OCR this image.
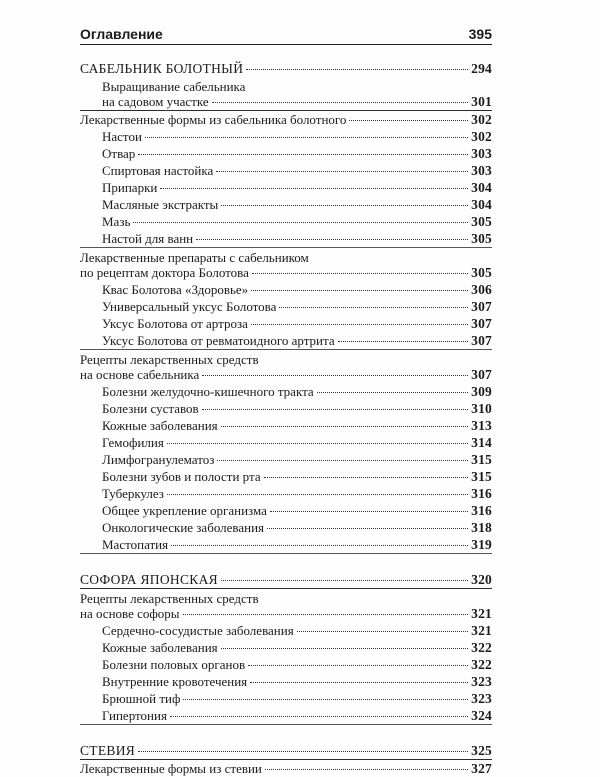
Оглавление	395
САБЕЛЬНИК БОЛОТНЫЙ	294
Выращивание сабельника
на садовом участке	301
Лекарственные формы из сабельника болотного	302
Настои	302
Отвар	303
Спиртовая настойка	303
Припарки	304
Масляные экстракты	304
Мазь	305
Настой для ванн	305
Лекарственные препараты с сабельником
по рецептам доктора Болотова	305
Квас Болотова «Здоровье»	306
Универсальный уксус Болотова	307
Уксус Болотова от артроза	307
Уксус Болотова от ревматоидного артрита	307
Рецепты лекарственных средств
на основе сабельника	307
Болезни желудочно-кишечного тракта	309
Болезни суставов	310
Кожные заболевания	313
Гемофилия	314
Лимфогранулематоз	315
Болезни зубов и полости рта	315
Туберкулез	316
Общее укрепление организма	316
Онкологические заболевания	318
Мастопатия	319
СОФОРА ЯПОНСКАЯ	320
Рецепты лекарственных средств
на основе софоры	321
Сердечно-сосудистые заболевания	321
Кожные заболевания	322
Болезни половых органов	322
Внутренние кровотечения	323
Брюшной тиф	323
Гипертония	324
СТЕВИЯ	325
Лекарственные формы из стевии	327
